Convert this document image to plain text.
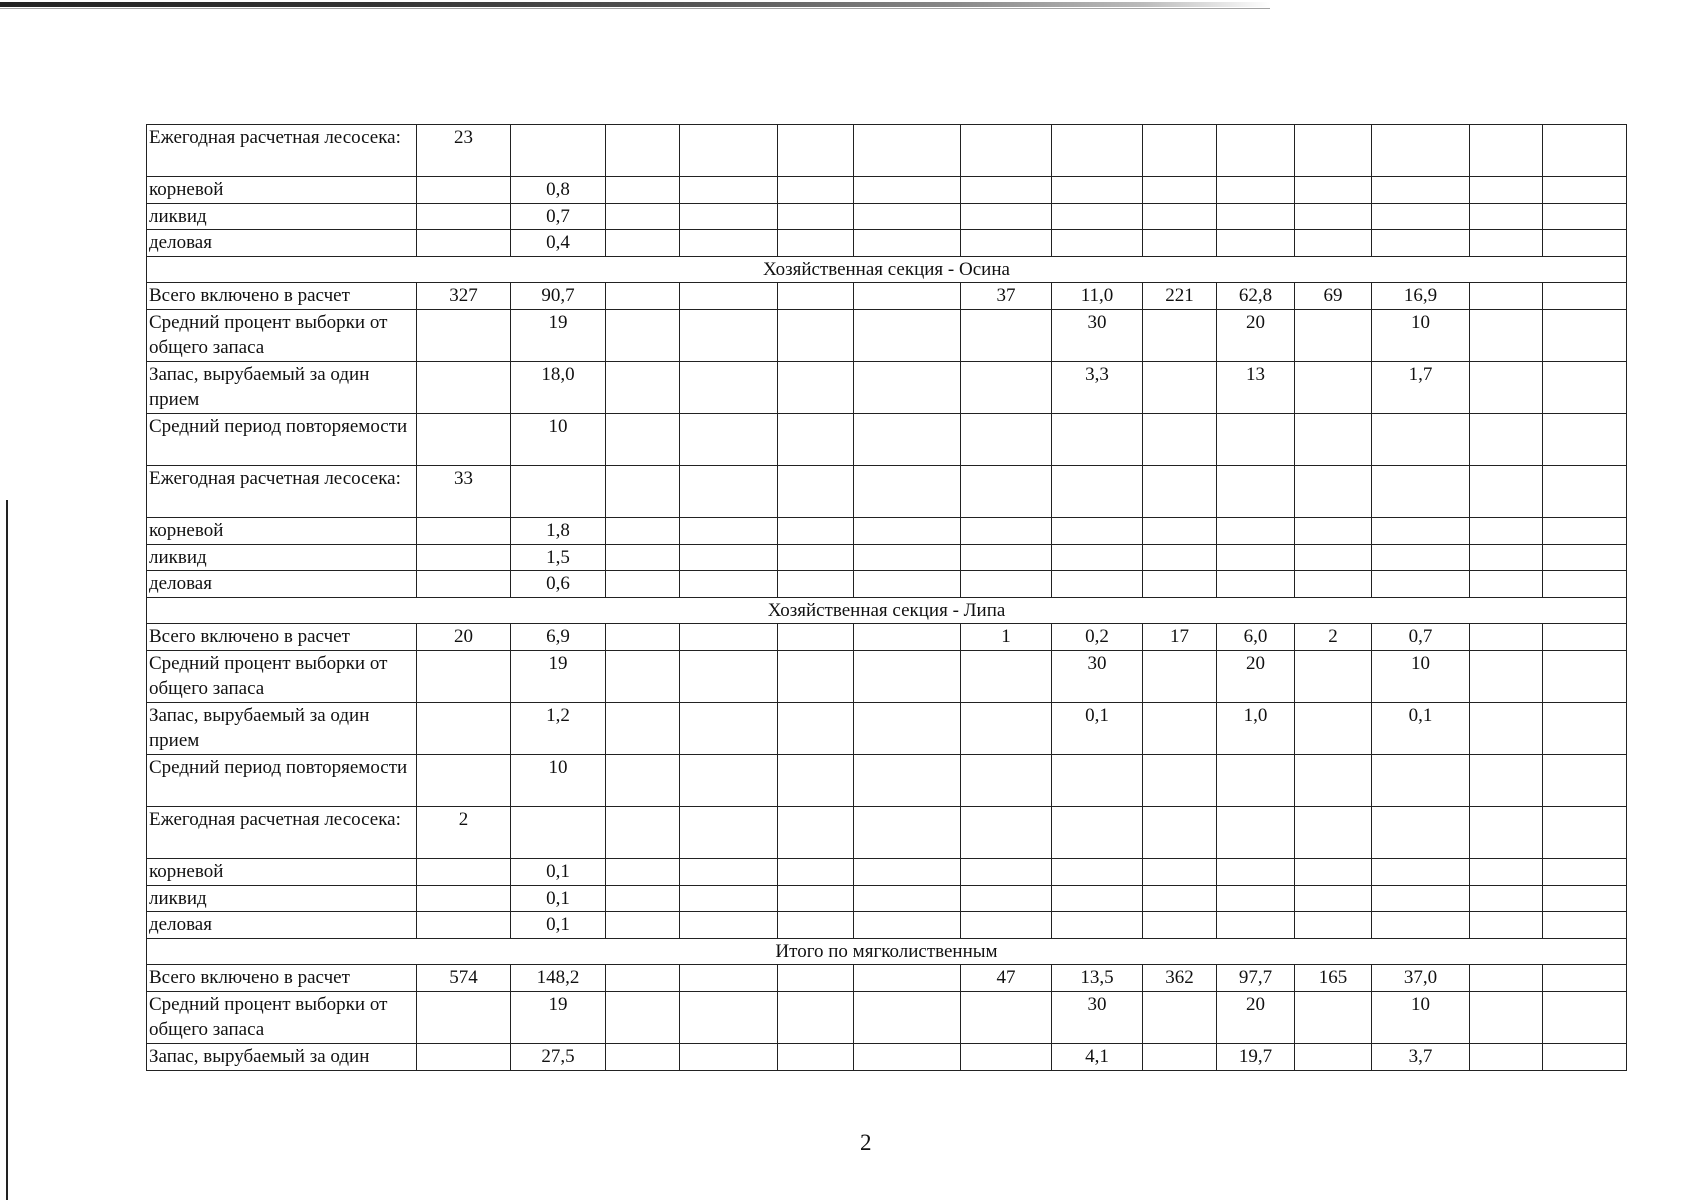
Ежегодная расчетная лесосека:	23														
корневой		0,8													
ликвид		0,7													
деловая		0,4													
Хозяйственная секция - Осина															
Всего включено в расчет	327	90,7					37	11,0	221	62,8	69	16,9			
Средний процент выборки от общего запаса		19						30		20		10			
Запас, вырубаемый за один прием		18,0						3,3		13		1,7			
Средний период повторяемости		10													
Ежегодная расчетная лесосека:	33														
корневой		1,8													
ликвид		1,5													
деловая		0,6													
Хозяйственная секция - Липа															
Всего включено в расчет	20	6,9					1	0,2	17	6,0	2	0,7			
Средний процент выборки от общего запаса		19						30		20		10			
Запас, вырубаемый за один прием		1,2						0,1		1,0		0,1			
Средний период повторяемости		10													
Ежегодная расчетная лесосека:	2														
корневой		0,1													
ликвид		0,1													
деловая		0,1													
Итого по мягколиственным															
Всего включено в расчет	574	148,2					47	13,5	362	97,7	165	37,0			
Средний процент выборки от общего запаса		19						30		20		10			
Запас, вырубаемый за один		27,5						4,1		19,7		3,7			
2
